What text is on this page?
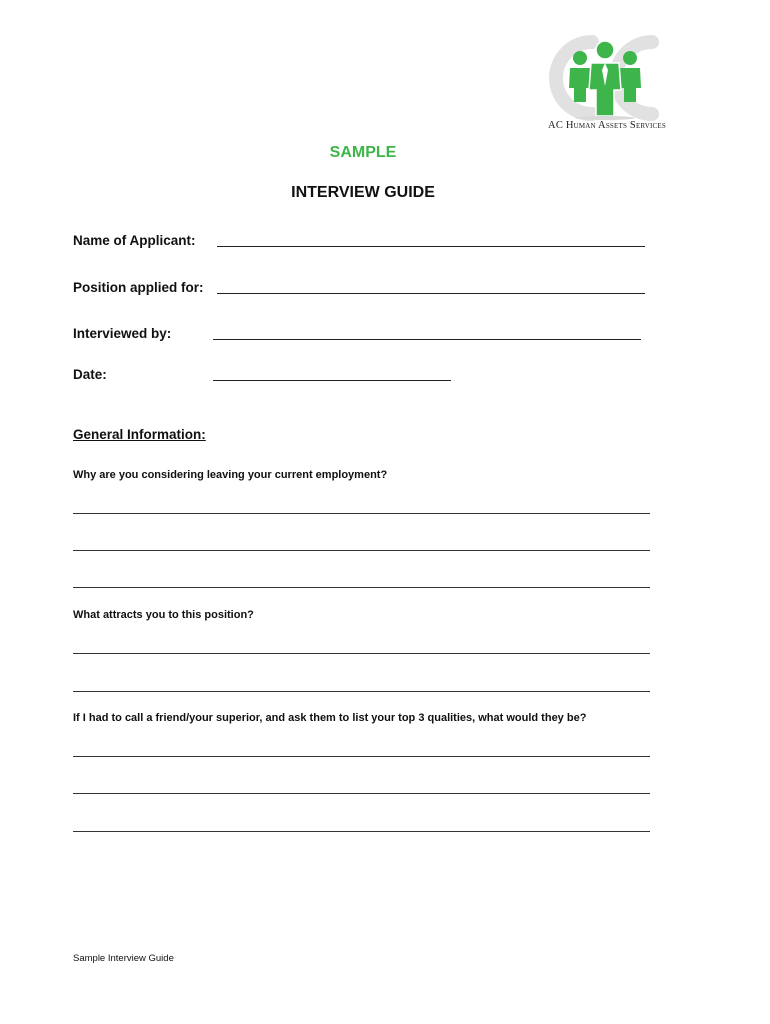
AC Human Assets Services
SAMPLE
INTERVIEW GUIDE
Name of Applicant:
Position applied for:
Interviewed by:
Date:
General Information:
Why are you considering leaving your current employment?
What attracts you to this position?
If I had to call a friend/your superior, and ask them to list your top 3 qualities, what would they be?
Sample Interview Guide
